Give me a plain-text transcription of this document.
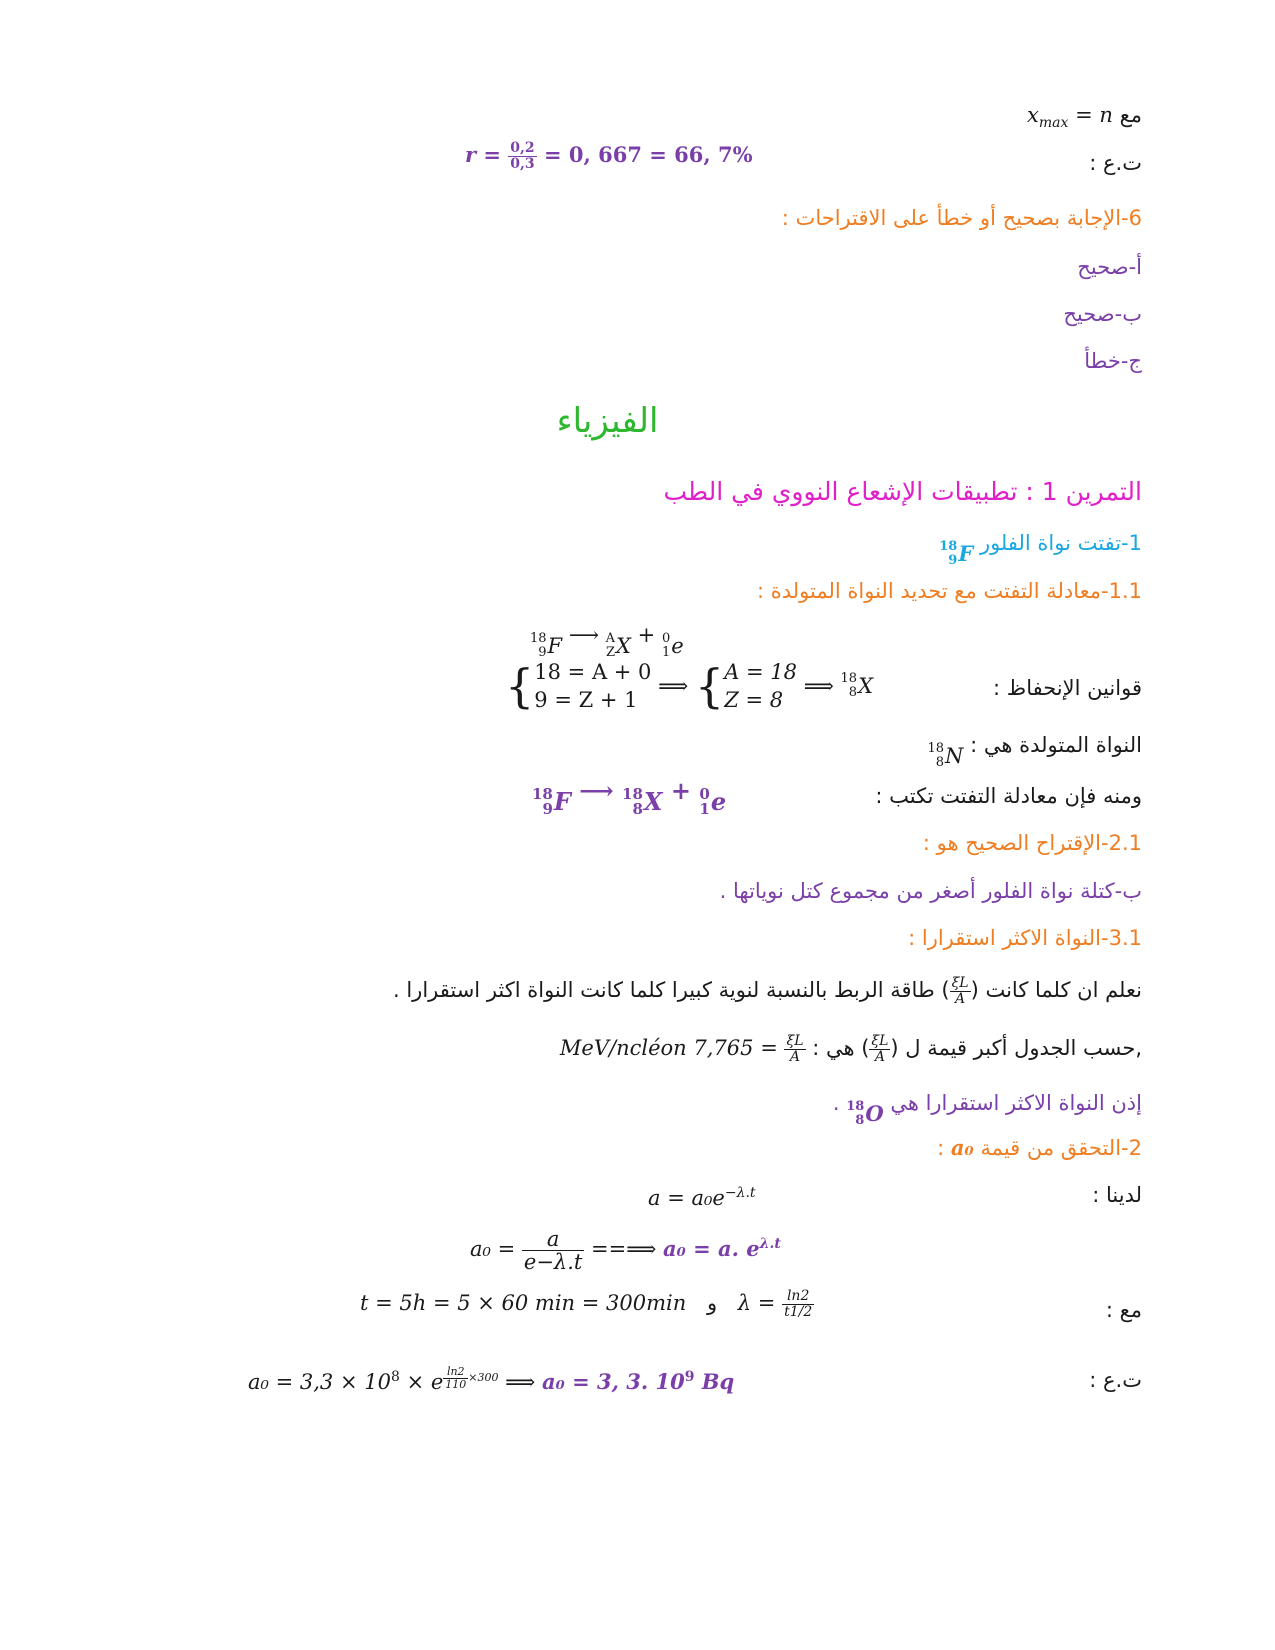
مع $x_{max} = n$
ت.ع :
$r = \frac{0,2}{0,3} = 0$, 667 = 66, 7%
6-الإجابة بصحيح أو خطأ على الاقتراحات :
أ-صحيح
ب-صحيح
ج-خطأ
الفيزياء
التمرين 1 : تطبيقات الإشعاع النووي في الطب
1-تفتت نواة الفلور
18
9 F
1.1-معادلة التفتت مع تحديد النواة المتولدة :
18
9 F ⟶ A
Z X + 0
1 e
قوانين الإنحفاظ :
{ 18 = A + 0
9 = Z + 1
⟹ { A = 18
Z = 8
⟹ 18
8 X
النواة المتولدة هي :
18
8 N
ومنه فإن معادلة التفتت تكتب :
18
9 F ⟶ 18
8 X + 0
1 e
2.1-الإقتراح الصحيح هو :
ب-كتلة نواة الفلور أصغر من مجموع كتل نوياتها .
3.1-النواة الاكثر استقرارا :
نعلم ان كلما كانت (
$\frac{\xi L}{A}$
) طاقة الربط بالنسبة لنوية كبيرا كلما كانت النواة اكثر استقرارا .
,حسب الجدول أكبر قيمة ل (
$\frac{\xi L}{A}$
) هي :
$\frac{\xi L}{A}$
= 7,765 MeV/ncléon
إذن النواة الاكثر استقرارا هي
18
8 O
.
2-التحقق من قيمة a₀ :
لدينا :
$a = a_0e^{-\lambda.t}$
$a_0 = \frac{a}{e-\lambda.t}$ ==⟹ a₀ = a. $e^{\lambda.t}$
مع :
t = 5h = 5 × 60 min = 300min و $\lambda = \frac{\ln 2}{t1/2}$
ت.ع :
$a_0 = 3,3 \times 10^8 \times e$ $^{\frac{\ln 2}{110} \times 300}$ ⟹ a₀ = 3, 3. $10^9$ Bq
